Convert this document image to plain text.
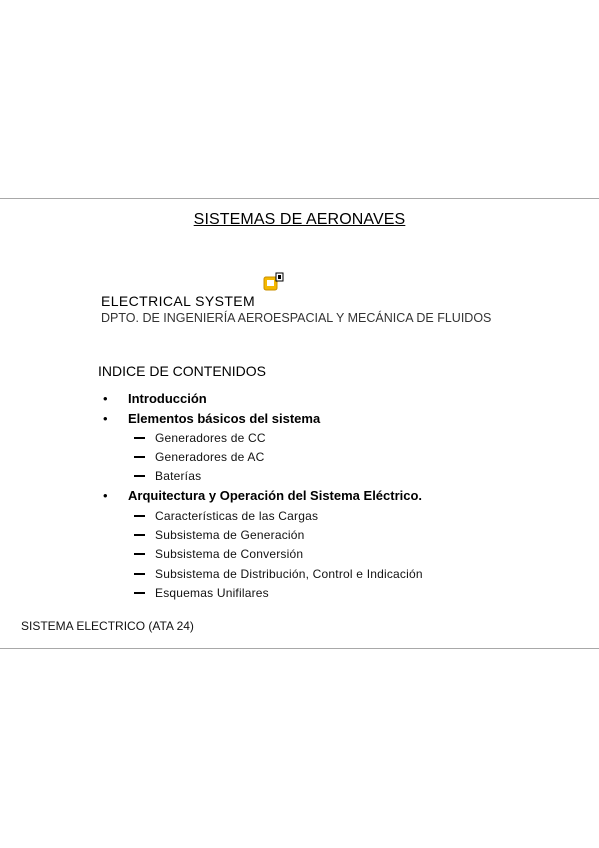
SISTEMAS DE AERONAVES
ELECTRICAL SYSTEM
DPTO. DE INGENIERÍA AEROESPACIAL Y MECÁNICA DE FLUIDOS
INDICE DE CONTENIDOS
• Introducción
• Elementos básicos del sistema
Generadores de CC
Generadores de AC
Baterías
• Arquitectura y Operación del Sistema Eléctrico.
Características de las Cargas
Subsistema de Generación
Subsistema de Conversión
Subsistema de Distribución, Control e Indicación
Esquemas Unifilares
SISTEMA ELECTRICO (ATA 24)
